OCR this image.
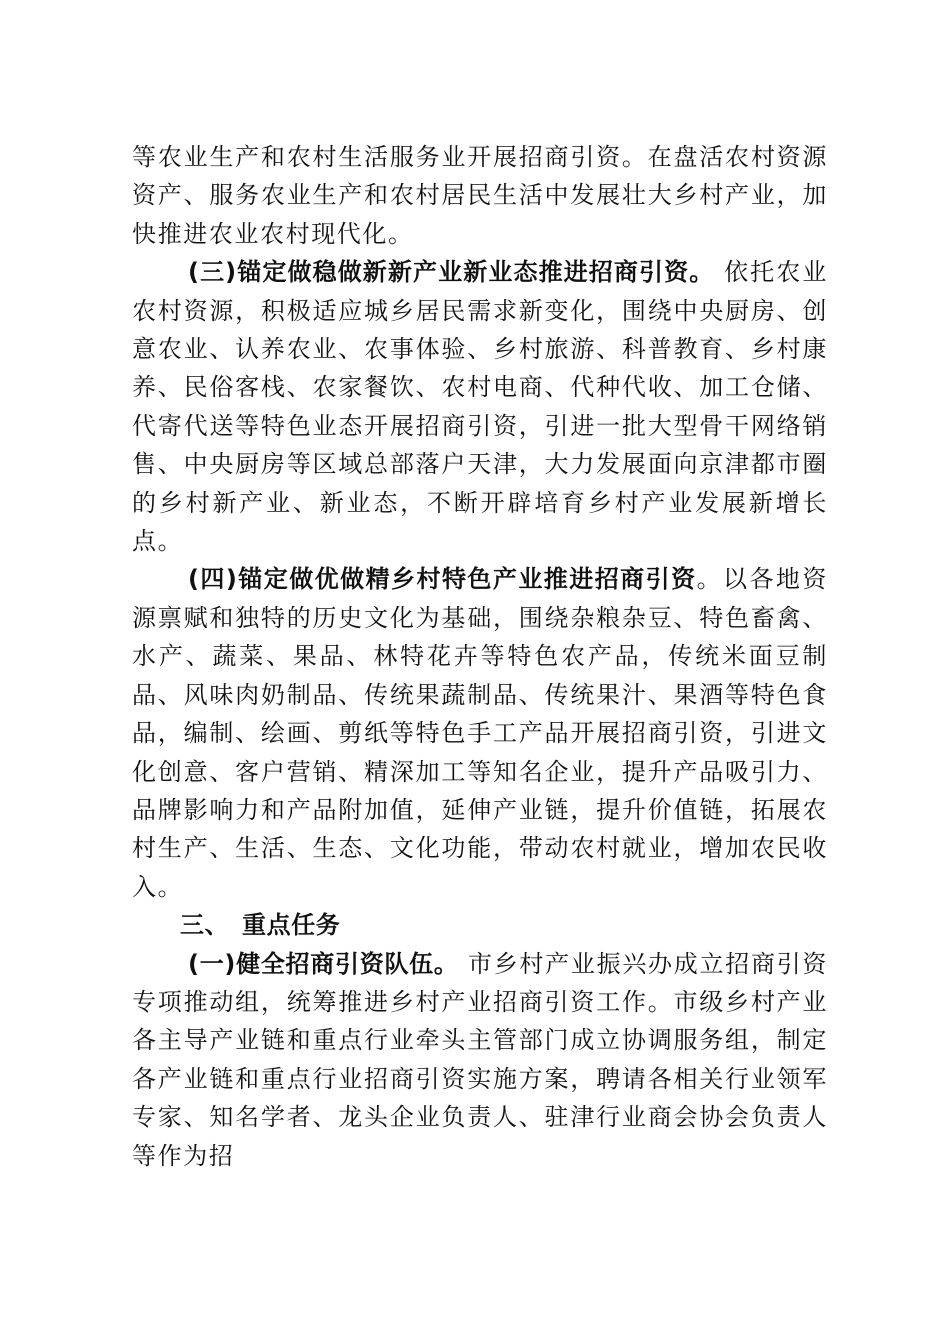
等农业生产和农村生活服务业开展招商引资。在盘活农村资源资产、服务农业生产和农村居民生活中发展壮大乡村产业，加快推进农业农村现代化。

(三)锚定做稳做新新产业新业态推进招商引资。 依托农业农村资源，积极适应城乡居民需求新变化，围绕中央厨房、创意农业、认养农业、农事体验、乡村旅游、科普教育、乡村康养、民俗客栈、农家餐饮、农村电商、代种代收、加工仓储、代寄代送等特色业态开展招商引资，引进一批大型骨干网络销售、中央厨房等区域总部落户天津，大力发展面向京津都市圈的乡村新产业、新业态，不断开辟培育乡村产业发展新增长点。

(四)锚定做优做精乡村特色产业推进招商引资。以各地资源禀赋和独特的历史文化为基础，围绕杂粮杂豆、特色畜禽、水产、蔬菜、果品、林特花卉等特色农产品，传统米面豆制品、风味肉奶制品、传统果蔬制品、传统果汁、果酒等特色食品，编制、绘画、剪纸等特色手工产品开展招商引资，引进文化创意、客户营销、精深加工等知名企业，提升产品吸引力、品牌影响力和产品附加值，延伸产业链，提升价值链，拓展农村生产、生活、生态、文化功能，带动农村就业，增加农民收入。

三、 重点任务

(一)健全招商引资队伍。 市乡村产业振兴办成立招商引资专项推动组，统筹推进乡村产业招商引资工作。市级乡村产业各主导产业链和重点行业牵头主管部门成立协调服务组，制定各产业链和重点行业招商引资实施方案，聘请各相关行业领军专家、知名学者、龙头企业负责人、驻津行业商会协会负责人等作为招
